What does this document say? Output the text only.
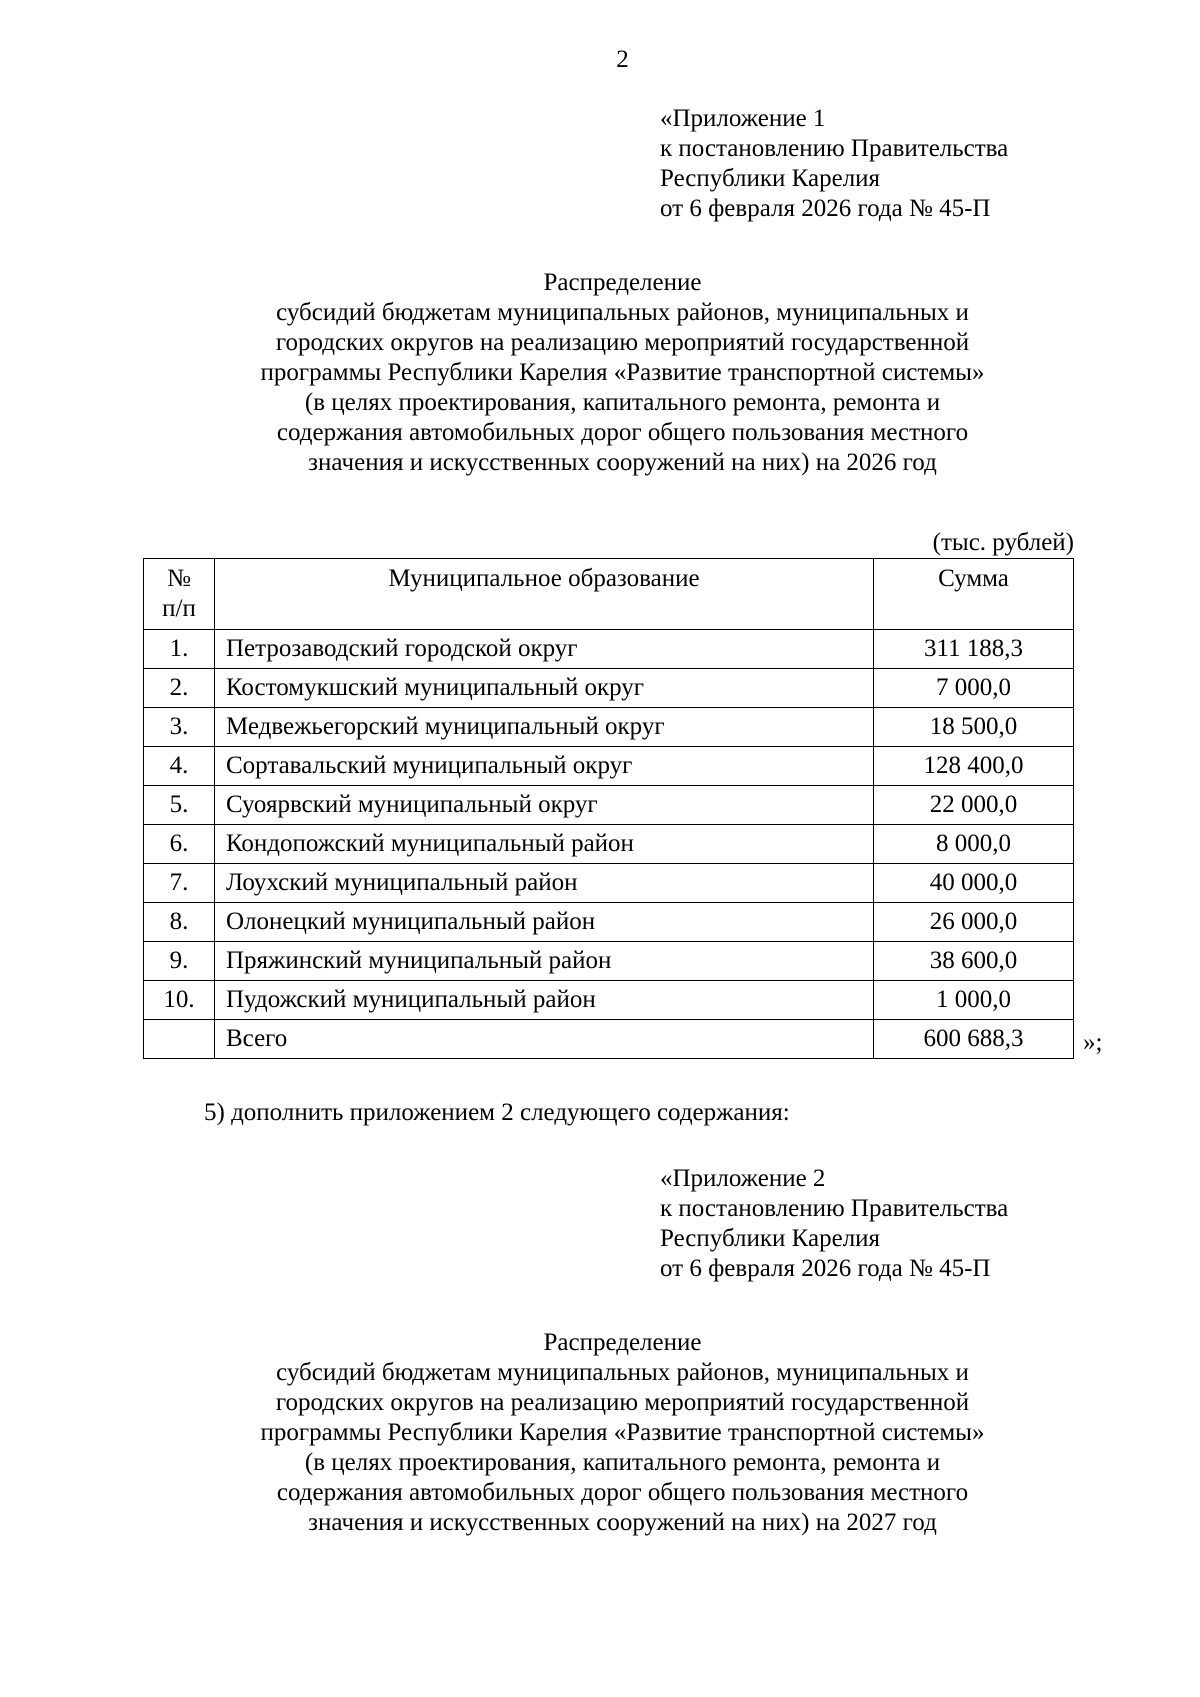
2
«Приложение 1
к постановлению Правительства
Республики Карелия
от 6 февраля 2026 года № 45-П
Распределение
субсидий бюджетам муниципальных районов, муниципальных и
городских округов на реализацию мероприятий государственной
программы Республики Карелия «Развитие транспортной системы»
(в целях проектирования, капитального ремонта, ремонта и
содержания автомобильных дорог общего пользования местного
значения и искусственных сооружений на них) на 2026 год
(тыс. рублей)
№
п/п	Муниципальное образование	Сумма
1.	Петрозаводский городской округ	311 188,3
2.	Костомукшский муниципальный округ	7 000,0
3.	Медвежьегорский муниципальный округ	18 500,0
4.	Сортавальский муниципальный округ	128 400,0
5.	Суоярвский муниципальный округ	22 000,0
6.	Кондопожский муниципальный район	8 000,0
7.	Лоухский муниципальный район	40 000,0
8.	Олонецкий муниципальный район	26 000,0
9.	Пряжинский муниципальный район	38 600,0
10.	Пудожский муниципальный район	1 000,0
	Всего	600 688,3 »;
5) дополнить приложением 2 следующего содержания:
«Приложение 2
к постановлению Правительства
Республики Карелия
от 6 февраля 2026 года № 45-П
Распределение
субсидий бюджетам муниципальных районов, муниципальных и
городских округов на реализацию мероприятий государственной
программы Республики Карелия «Развитие транспортной системы»
(в целях проектирования, капитального ремонта, ремонта и
содержания автомобильных дорог общего пользования местного
значения и искусственных сооружений на них) на 2027 год
